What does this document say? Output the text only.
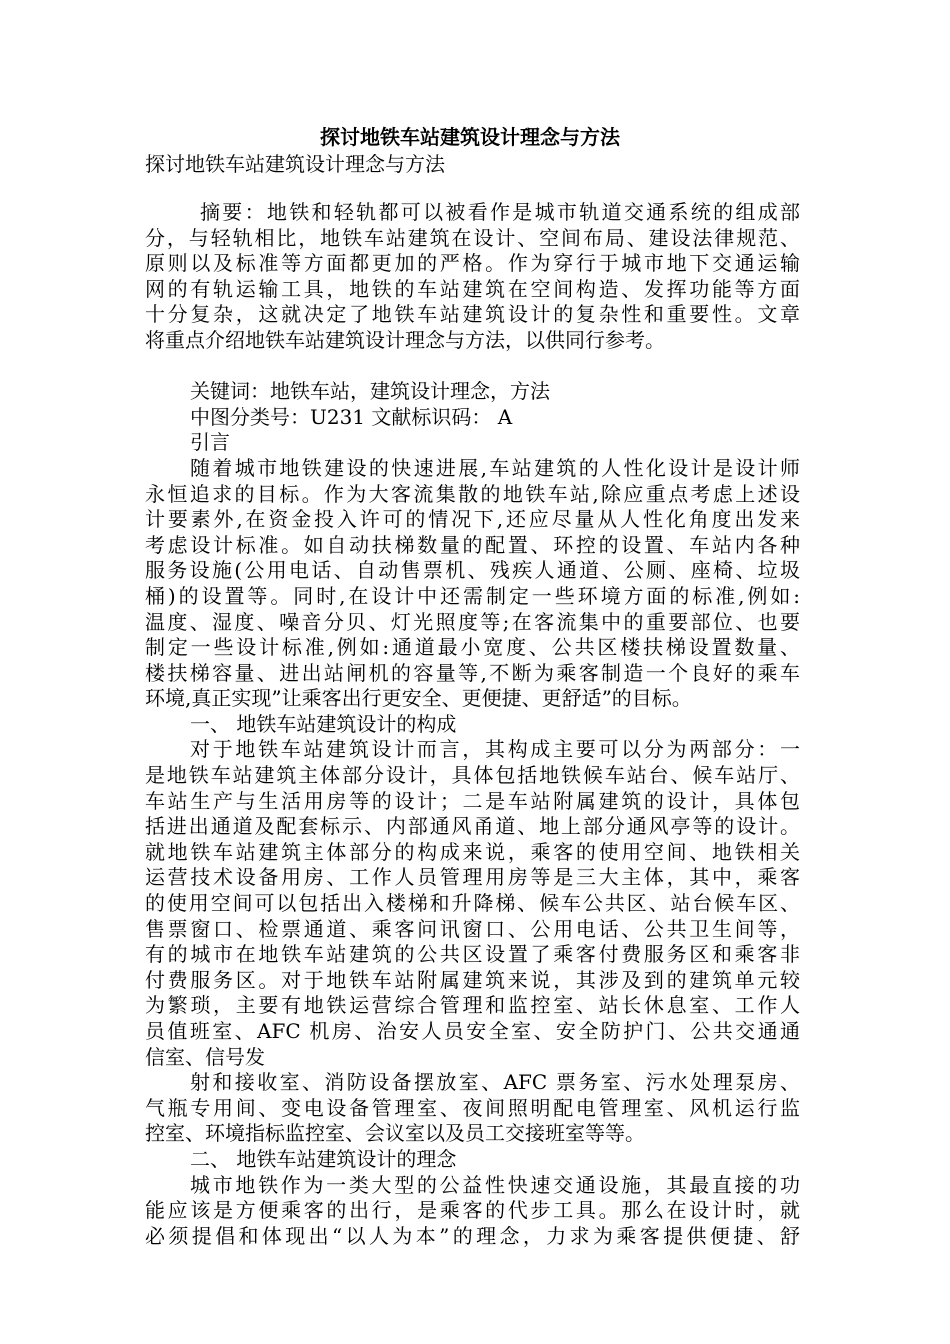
探讨地铁车站建筑设计理念与方法
探讨地铁车站建筑设计理念与方法
摘要：地铁和轻轨都可以被看作是城市轨道交通系统的组成部
分，与轻轨相比，地铁车站建筑在设计、空间布局、建设法律规范、
原则以及标准等方面都更加的严格。作为穿行于城市地下交通运输
网的有轨运输工具，地铁的车站建筑在空间构造、发挥功能等方面
十分复杂，这就决定了地铁车站建筑设计的复杂性和重要性。文章
将重点介绍地铁车站建筑设计理念与方法，以供同行参考。
关键词：地铁车站，建筑设计理念，方法
中图分类号：U231 文献标识码： A
引言
随着城市地铁建设的快速进展,车站建筑的人性化设计是设计师
永恒追求的目标。作为大客流集散的地铁车站,除应重点考虑上述设
计要素外,在资金投入许可的情况下,还应尽量从人性化角度出发来
考虑设计标准。如自动扶梯数量的配置、环控的设置、车站内各种
服务设施(公用电话、自动售票机、残疾人通道、公厕、座椅、垃圾
桶)的设置等。同时,在设计中还需制定一些环境方面的标准,例如:
温度、湿度、噪音分贝、灯光照度等;在客流集中的重要部位、也要
制定一些设计标准,例如:通道最小宽度、公共区楼扶梯设置数量、
楼扶梯容量、进出站闸机的容量等,不断为乘客制造一个良好的乘车
环境,真正实现”让乘客出行更安全、更便捷、更舒适”的目标。
一、 地铁车站建筑设计的构成
对于地铁车站建筑设计而言，其构成主要可以分为两部分：一
是地铁车站建筑主体部分设计，具体包括地铁候车站台、候车站厅、
车站生产与生活用房等的设计；二是车站附属建筑的设计，具体包
括进出通道及配套标示、内部通风甬道、地上部分通风亭等的设计。
就地铁车站建筑主体部分的构成来说，乘客的使用空间、地铁相关
运营技术设备用房、工作人员管理用房等是三大主体，其中，乘客
的使用空间可以包括出入楼梯和升降梯、候车公共区、站台候车区、
售票窗口、检票通道、乘客问讯窗口、公用电话、公共卫生间等，
有的城市在地铁车站建筑的公共区设置了乘客付费服务区和乘客非
付费服务区。对于地铁车站附属建筑来说，其涉及到的建筑单元较
为繁琐，主要有地铁运营综合管理和监控室、站长休息室、工作人
员值班室、AFC 机房、治安人员安全室、安全防护门、公共交通通
信室、信号发
射和接收室、消防设备摆放室、AFC 票务室、污水处理泵房、
气瓶专用间、变电设备管理室、夜间照明配电管理室、风机运行监
控室、环境指标监控室、会议室以及员工交接班室等等。
二、 地铁车站建筑设计的理念
城市地铁作为一类大型的公益性快速交通设施，其最直接的功
能应该是方便乘客的出行，是乘客的代步工具。那么在设计时，就
必须提倡和体现出“以人为本”的理念，力求为乘客提供便捷、舒
